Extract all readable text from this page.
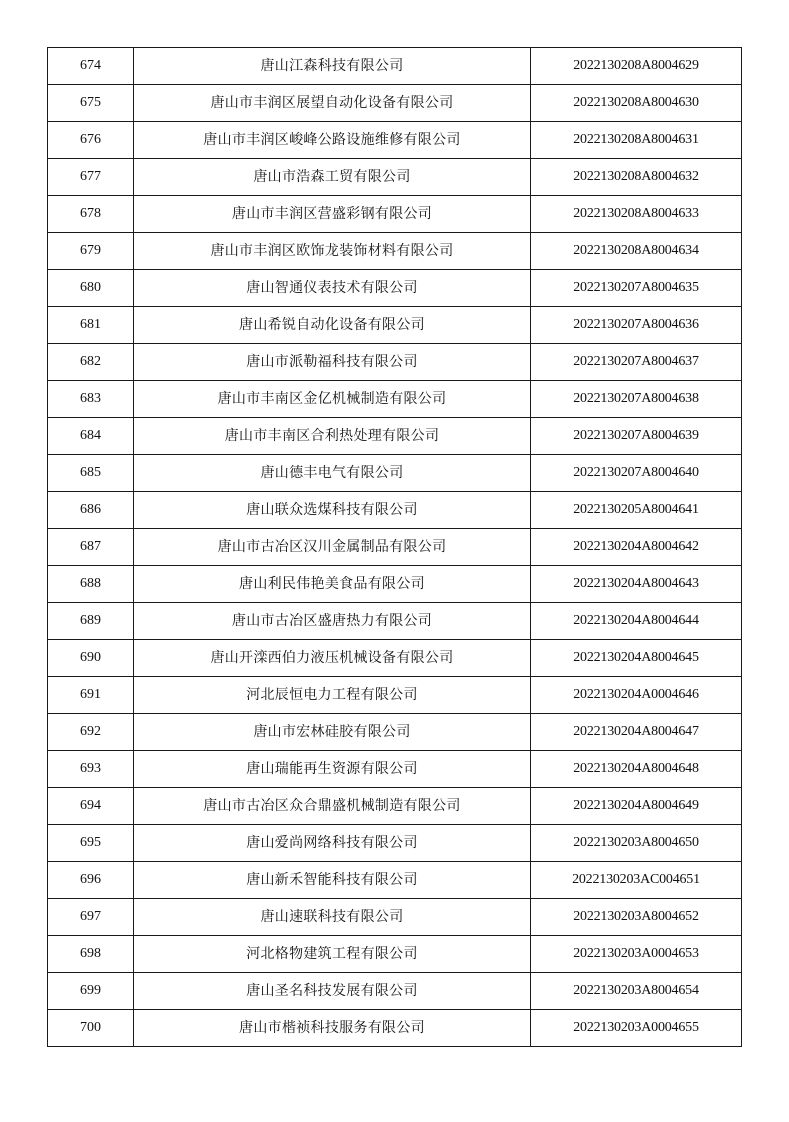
674	唐山江森科技有限公司	2022130208A8004629
675	唐山市丰润区展望自动化设备有限公司	2022130208A8004630
676	唐山市丰润区峻峰公路设施维修有限公司	2022130208A8004631
677	唐山市浩森工贸有限公司	2022130208A8004632
678	唐山市丰润区营盛彩钢有限公司	2022130208A8004633
679	唐山市丰润区欧饰龙装饰材料有限公司	2022130208A8004634
680	唐山智通仪表技术有限公司	2022130207A8004635
681	唐山希锐自动化设备有限公司	2022130207A8004636
682	唐山市派勒福科技有限公司	2022130207A8004637
683	唐山市丰南区金亿机械制造有限公司	2022130207A8004638
684	唐山市丰南区合利热处理有限公司	2022130207A8004639
685	唐山德丰电气有限公司	2022130207A8004640
686	唐山联众选煤科技有限公司	2022130205A8004641
687	唐山市古冶区汉川金属制品有限公司	2022130204A8004642
688	唐山利民伟艳美食品有限公司	2022130204A8004643
689	唐山市古冶区盛唐热力有限公司	2022130204A8004644
690	唐山开滦西伯力液压机械设备有限公司	2022130204A8004645
691	河北辰恒电力工程有限公司	2022130204A0004646
692	唐山市宏林硅胶有限公司	2022130204A8004647
693	唐山瑞能再生资源有限公司	2022130204A8004648
694	唐山市古冶区众合鼎盛机械制造有限公司	2022130204A8004649
695	唐山爱尚网络科技有限公司	2022130203A8004650
696	唐山新禾智能科技有限公司	2022130203AC004651
697	唐山速联科技有限公司	2022130203A8004652
698	河北格物建筑工程有限公司	2022130203A0004653
699	唐山圣名科技发展有限公司	2022130203A8004654
700	唐山市楷祯科技服务有限公司	2022130203A0004655
